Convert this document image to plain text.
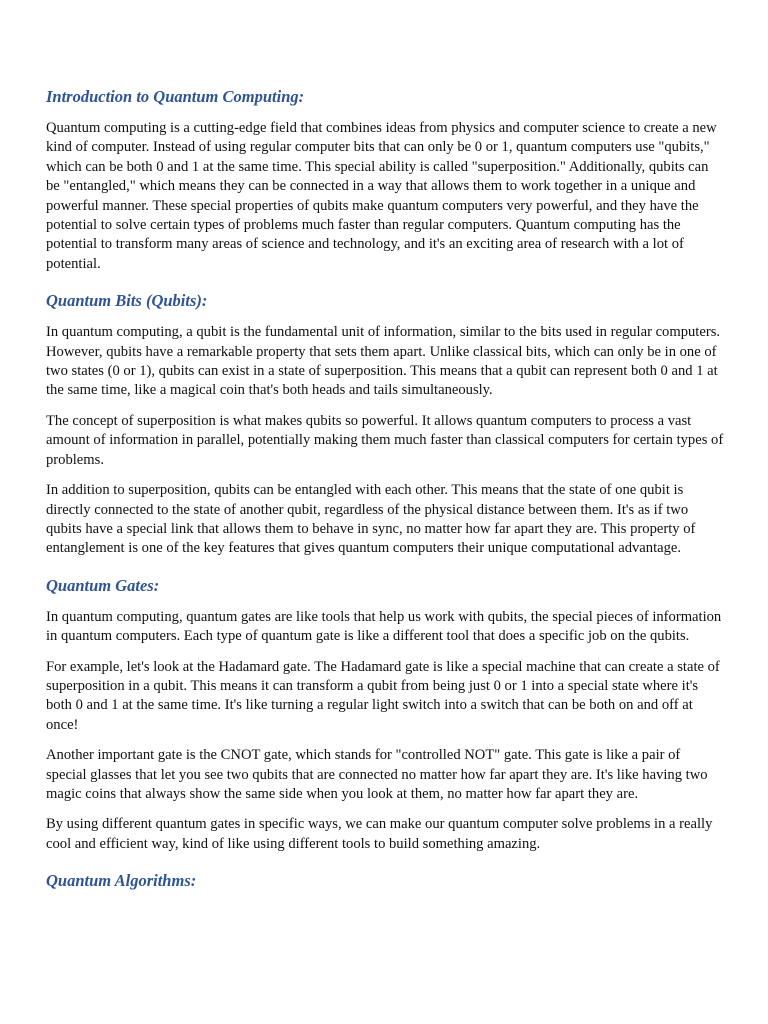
Introduction to Quantum Computing:

Quantum computing is a cutting-edge field that combines ideas from physics and computer science to create a new kind of computer. Instead of using regular computer bits that can only be 0 or 1, quantum computers use "qubits," which can be both 0 and 1 at the same time. This special ability is called "superposition." Additionally, qubits can be "entangled," which means they can be connected in a way that allows them to work together in a unique and powerful manner. These special properties of qubits make quantum computers very powerful, and they have the potential to solve certain types of problems much faster than regular computers. Quantum computing has the potential to transform many areas of science and technology, and it's an exciting area of research with a lot of potential.

Quantum Bits (Qubits):

In quantum computing, a qubit is the fundamental unit of information, similar to the bits used in regular computers. However, qubits have a remarkable property that sets them apart. Unlike classical bits, which can only be in one of two states (0 or 1), qubits can exist in a state of superposition. This means that a qubit can represent both 0 and 1 at the same time, like a magical coin that's both heads and tails simultaneously.

The concept of superposition is what makes qubits so powerful. It allows quantum computers to process a vast amount of information in parallel, potentially making them much faster than classical computers for certain types of problems.

In addition to superposition, qubits can be entangled with each other. This means that the state of one qubit is directly connected to the state of another qubit, regardless of the physical distance between them. It's as if two qubits have a special link that allows them to behave in sync, no matter how far apart they are. This property of entanglement is one of the key features that gives quantum computers their unique computational advantage.

Quantum Gates:

In quantum computing, quantum gates are like tools that help us work with qubits, the special pieces of information in quantum computers. Each type of quantum gate is like a different tool that does a specific job on the qubits.

For example, let's look at the Hadamard gate. The Hadamard gate is like a special machine that can create a state of superposition in a qubit. This means it can transform a qubit from being just 0 or 1 into a special state where it's both 0 and 1 at the same time. It's like turning a regular light switch into a switch that can be both on and off at once!

Another important gate is the CNOT gate, which stands for "controlled NOT" gate. This gate is like a pair of special glasses that let you see two qubits that are connected no matter how far apart they are. It's like having two magic coins that always show the same side when you look at them, no matter how far apart they are.

By using different quantum gates in specific ways, we can make our quantum computer solve problems in a really cool and efficient way, kind of like using different tools to build something amazing.

Quantum Algorithms:
